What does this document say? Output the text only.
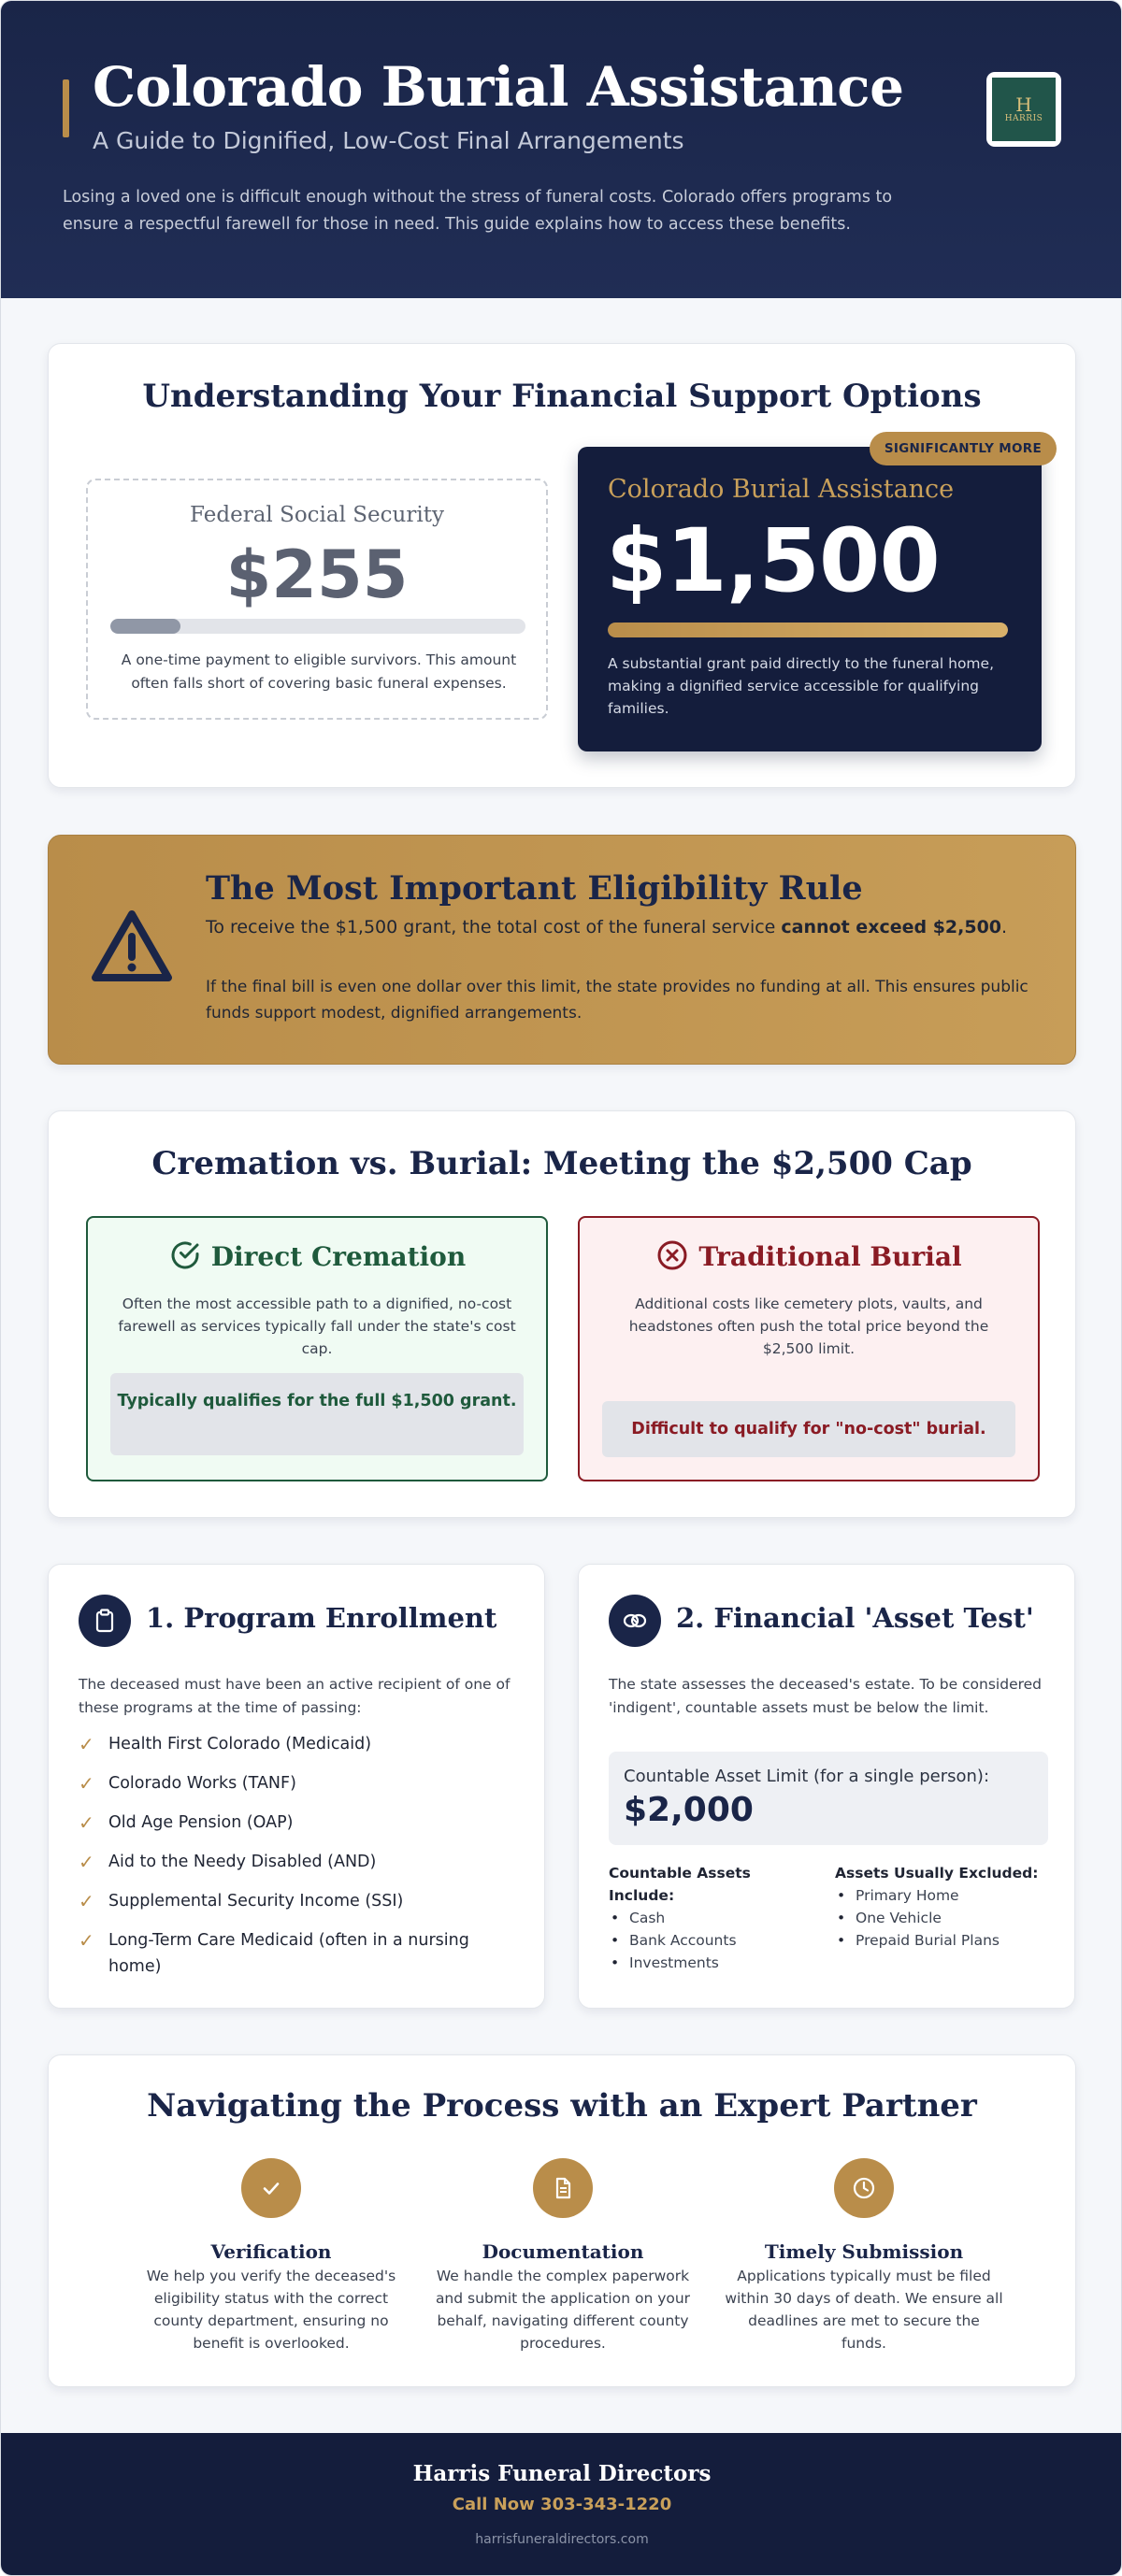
Colorado Burial Assistance
A Guide to Dignified, Low-Cost Final Arrangements
Losing a loved one is difficult enough without the stress of funeral costs. Colorado offers programs to ensure a respectful farewell for those in need. This guide explains how to access these benefits.
H
HARRIS
Understanding Your Financial Support Options
Federal Social Security
$255
A one-time payment to eligible survivors. This amount often falls short of covering basic funeral expenses.
SIGNIFICANTLY MORE
Colorado Burial Assistance
$1,500
A substantial grant paid directly to the funeral home, making a dignified service accessible for qualifying families.
The Most Important Eligibility Rule
To receive the $1,500 grant, the total cost of the funeral service cannot exceed $2,500.
If the final bill is even one dollar over this limit, the state provides no funding at all. This ensures public funds support modest, dignified arrangements.
Cremation vs. Burial: Meeting the $2,500 Cap
Direct Cremation
Often the most accessible path to a dignified, no-cost farewell as services typically fall under the state's cost cap.
Typically qualifies for the full $1,500 grant.
Traditional Burial
Additional costs like cemetery plots, vaults, and headstones often push the total price beyond the $2,500 limit.
Difficult to qualify for "no-cost" burial.
1. Program Enrollment
The deceased must have been an active recipient of one of these programs at the time of passing:
✓ Health First Colorado (Medicaid)
✓ Colorado Works (TANF)
✓ Old Age Pension (OAP)
✓ Aid to the Needy Disabled (AND)
✓ Supplemental Security Income (SSI)
✓ Long-Term Care Medicaid (often in a nursing home)
2. Financial 'Asset Test'
The state assesses the deceased's estate. To be considered 'indigent', countable assets must be below the limit.
Countable Asset Limit (for a single person):
$2,000
Countable Assets Include:
• Cash
• Bank Accounts
• Investments
Assets Usually Excluded:
• Primary Home
• One Vehicle
• Prepaid Burial Plans
Navigating the Process with an Expert Partner
Verification
We help you verify the deceased's eligibility status with the correct county department, ensuring no benefit is overlooked.
Documentation
We handle the complex paperwork and submit the application on your behalf, navigating different county procedures.
Timely Submission
Applications typically must be filed within 30 days of death. We ensure all deadlines are met to secure the funds.
Harris Funeral Directors
Call Now 303-343-1220
harrisfuneraldirectors.com
